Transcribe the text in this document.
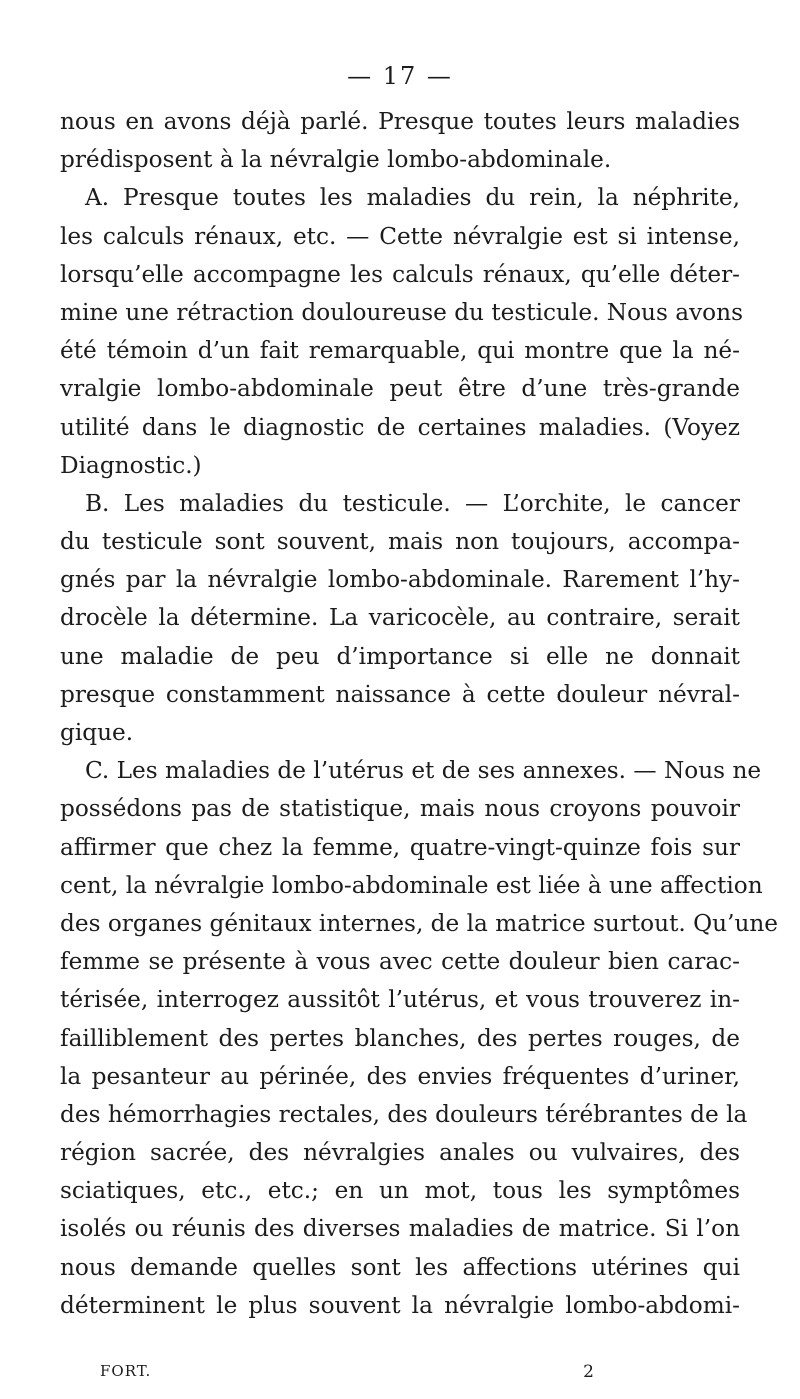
— 17 —
nous en avons déjà parlé. Presque toutes leurs maladies
prédisposent à la névralgie lombo-abdominale.
A. Presque toutes les maladies du rein, la néphrite,
les calculs rénaux, etc. — Cette névralgie est si intense,
lorsqu’elle accompagne les calculs rénaux, qu’elle déter-
mine une rétraction douloureuse du testicule. Nous avons
été témoin d’un fait remarquable, qui montre que la né-
vralgie lombo-abdominale peut être d’une très-grande
utilité dans le diagnostic de certaines maladies. (Voyez
Diagnostic.)
B. Les maladies du testicule. — L’orchite, le cancer
du testicule sont souvent, mais non toujours, accompa-
gnés par la névralgie lombo-abdominale. Rarement l’hy-
drocèle la détermine. La varicocèle, au contraire, serait
une maladie de peu d’importance si elle ne donnait
presque constamment naissance à cette douleur névral-
gique.
C. Les maladies de l’utérus et de ses annexes. — Nous ne
possédons pas de statistique, mais nous croyons pouvoir
affirmer que chez la femme, quatre-vingt-quinze fois sur
cent, la névralgie lombo-abdominale est liée à une affection
des organes génitaux internes, de la matrice surtout. Qu’une
femme se présente à vous avec cette douleur bien carac-
térisée, interrogez aussitôt l’utérus, et vous trouverez in-
failliblement des pertes blanches, des pertes rouges, de
la pesanteur au périnée, des envies fréquentes d’uriner,
des hémorrhagies rectales, des douleurs térébrantes de la
région sacrée, des névralgies anales ou vulvaires, des
sciatiques, etc., etc.; en un mot, tous les symptômes
isolés ou réunis des diverses maladies de matrice. Si l’on
nous demande quelles sont les affections utérines qui
déterminent le plus souvent la névralgie lombo-abdomi-
FORT.	2
